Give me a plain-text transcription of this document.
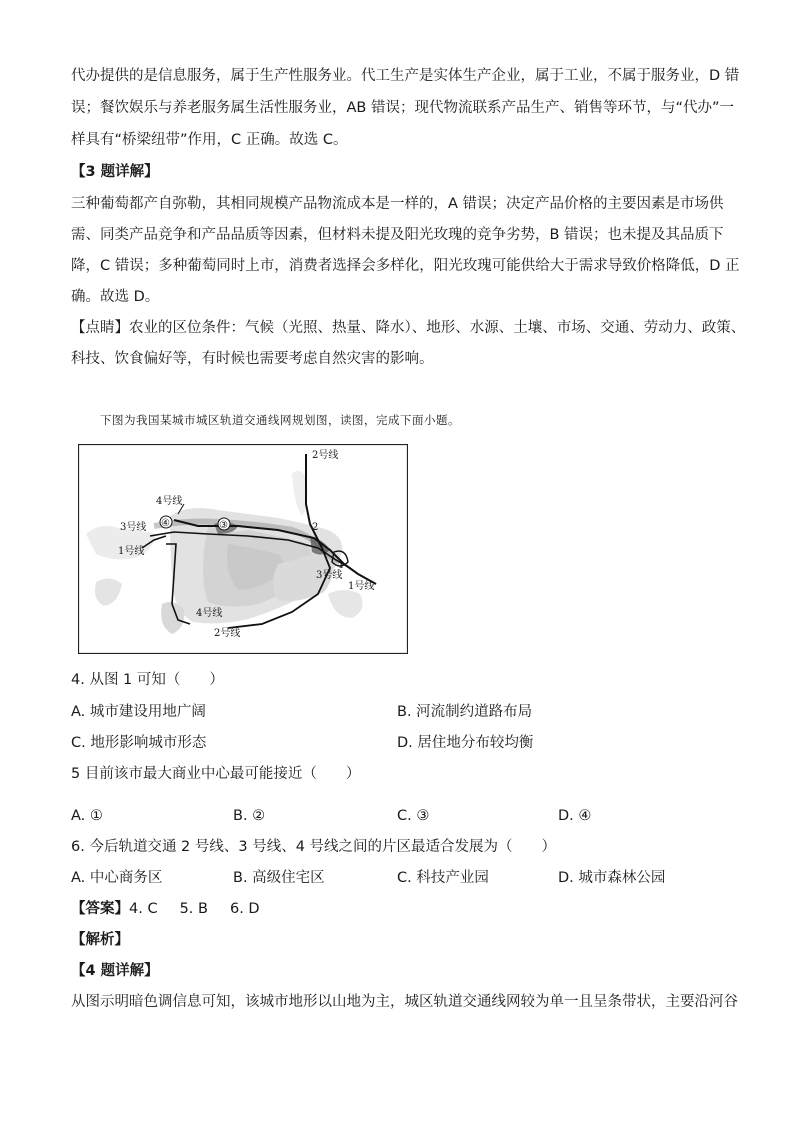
代办提供的是信息服务，属于生产性服务业。代工生产是实体生产企业，属于工业，不属于服务业，D 错
误；餐饮娱乐与养老服务属生活性服务业，AB 错误；现代物流联系产品生产、销售等环节，与“代办”一
样具有“桥梁纽带”作用，C 正确。故选 C。
【3 题详解】
三种葡萄都产自弥勒，其相同规模产品物流成本是一样的，A 错误；决定产品价格的主要因素是市场供
需、同类产品竞争和产品品质等因素，但材料未提及阳光玫瑰的竞争劣势，B 错误；也未提及其品质下
降，C 错误；多种葡萄同时上市，消费者选择会多样化，阳光玫瑰可能供给大于需求导致价格降低，D 正
确。故选 D。
【点睛】农业的区位条件：气候（光照、热量、降水）、地形、水源、土壤、市场、交通、劳动力、政策、
科技、饮食偏好等，有时候也需要考虑自然灾害的影响。
下图为我国某城市城区轨道交通线网规划图，读图，完成下面小题。
2号线
4号线
3号线
1号线
3号线
1号线
4号线
2号线
1
2
③
④
4. 从图 1 可知（　　）
A. 城市建设用地广阔	B. 河流制约道路布局
C. 地形影响城市形态	D. 居住地分布较均衡
5 目前该市最大商业中心最可能接近（　　）
A. ①	B. ②	C. ③	D. ④
6. 今后轨道交通 2 号线、3 号线、4 号线之间的片区最适合发展为（　　）
A. 中心商务区	B. 高级住宅区	C. 科技产业园	D. 城市森林公园
【答案】4. C 5. B 6. D
【解析】
【4 题详解】
从图示明暗色调信息可知，该城市地形以山地为主，城区轨道交通线网较为单一且呈条带状，主要沿河谷
